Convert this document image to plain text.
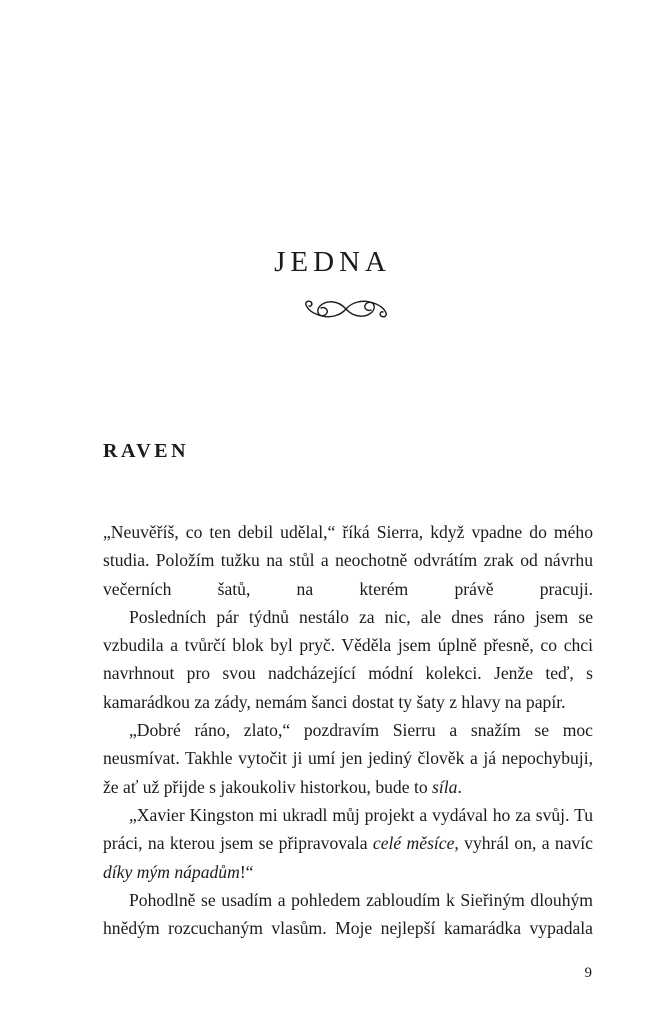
JEDNA
RAVEN

„Neuvěříš, co ten debil udělal,“ říká Sierra, když vpadne do mého studia. Položím tužku na stůl a neochotně odvrátím zrak od návrhu večerních šatů, na kterém právě pracuji.

Posledních pár týdnů nestálo za nic, ale dnes ráno jsem se vzbudila a tvůrčí blok byl pryč. Věděla jsem úplně přesně, co chci navrhnout pro svou nadcházející módní kolekci. Jenže teď, s kamarádkou za zády, nemám šanci dostat ty šaty z hlavy na papír.

„Dobré ráno, zlato,“ pozdravím Sierru a snažím se moc neusmívat. Takhle vytočit ji umí jen jediný člověk a já nepochybuji, že ať už přijde s jakoukoliv historkou, bude to síla.

„Xavier Kingston mi ukradl můj projekt a vydával ho za svůj. Tu práci, na kterou jsem se připravovala celé měsíce, vyhrál on, a navíc díky mým nápadům!“

Pohodlně se usadím a pohledem zabloudím k Sieřiným dlouhým hnědým rozcuchaným vlasům. Moje nejlepší kamarádka vypadala

9
